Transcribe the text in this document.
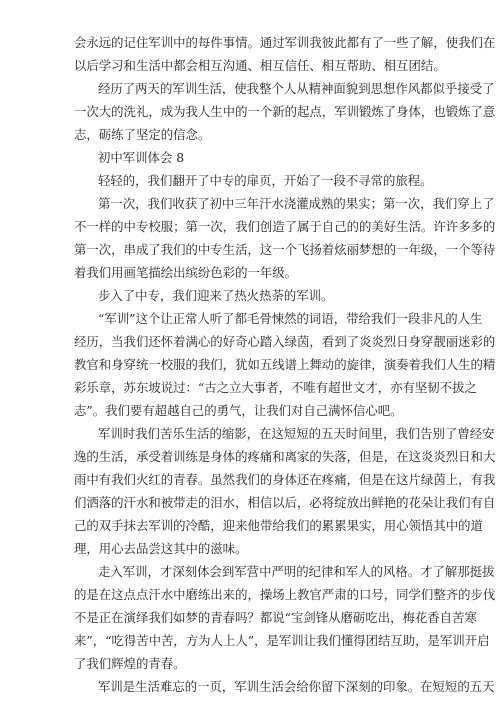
会永远的记住军训中的每件事情。通过军训我彼此都有了一些了解，使我们在
以后学习和生活中都会相互沟通、相互信任、相互帮助、相互团结。
经历了两天的军训生活，使我整个人从精神面貌到思想作风都似乎接受了
一次大的洗礼，成为我人生中的一个新的起点，军训锻炼了身体，也锻炼了意
志，砺练了坚定的信念。
初中军训体会 8
轻轻的，我们翻开了中专的扉页，开始了一段不寻常的旅程。
第一次，我们收获了初中三年汗水浇灌成熟的果实；第一次，我们穿上了
不一样的中专校服；第一次，我们创造了属于自己的的美好生活。许许多多的
第一次，串成了我们的中专生活，这一个飞扬着炫丽梦想的一年级，一个等待
着我们用画笔描绘出缤纷色彩的一年级。
步入了中专，我们迎来了热火热荼的军训。
“军训”这个让正常人听了都毛骨悚然的词语，带给我们一段非凡的人生
经历，当我们还怀着满心的好奇心踏入绿茵，看到了炎炎烈日身穿靓丽迷彩的
教官和身穿统一校服的我们，犹如五线谱上舞动的旋律，演奏着我们人生的精
彩乐章，苏东坡说过：“古之立大事者，不唯有超世文才，亦有坚韧不拔之
志”。我们要有超越自己的勇气，让我们对自己满怀信心吧。
军训时我们苦乐生活的缩影，在这短短的五天时间里，我们告别了曾经安
逸的生活，承受着训练是身体的疼痛和离家的失落，但是，在这炎炎烈日和大
雨中有我们火红的青春。虽然我们的身体还在疼痛，但是在这片绿茵上，有我
们洒落的汗水和被带走的泪水，相信以后，必将绽放出鲜艳的花朵让我们有自
己的双手抹去军训的冷酷，迎来他带给我们的累累果实，用心领悟其中的道
理，用心去品尝这其中的滋味。
走入军训，才深刻体会到军营中严明的纪律和军人的风格。才了解那挺拔
的是在这点点汗水中磨练出来的，操场上教官严肃的口号，同学们整齐的步伐
不是正在演绎我们如梦的青春吗？都说“宝剑锋从磨砺吃出，梅花香自苦寒
来”，“吃得苦中苦，方为人上人”，是军训让我们懂得团结互助，是军训开启
了我们辉煌的青春。
军训是生活难忘的一页，军训生活会给你留下深刻的印象。在短短的五天
